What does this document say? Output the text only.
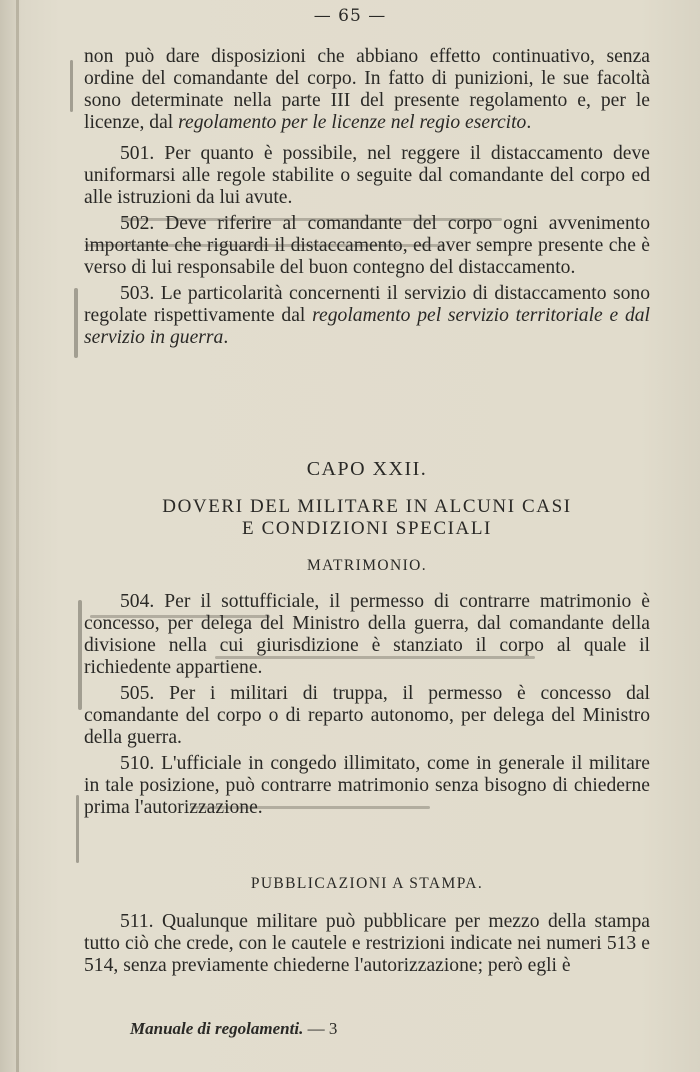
— 65 —

non può dare disposizioni che abbiano effetto continuativo, senza ordine del comandante del corpo. In fatto di punizioni, le sue facoltà sono determinate nella parte III del presente regolamento e, per le licenze, dal regolamento per le licenze nel regio esercito.

501. Per quanto è possibile, nel reggere il distaccamento deve uniformarsi alle regole stabilite o seguite dal comandante del corpo ed alle istruzioni da lui avute.

502. Deve riferire al comandante del corpo ogni avvenimento importante che riguardi il distaccamento, ed aver sempre presente che è verso di lui responsabile del buon contegno del distaccamento.

503. Le particolarità concernenti il servizio di distaccamento sono regolate rispettivamente dal regolamento pel servizio territoriale e dal servizio in guerra.

CAPO XXII.
DOVERI DEL MILITARE IN ALCUNI CASI
E CONDIZIONI SPECIALI
MATRIMONIO.

504. Per il sottufficiale, il permesso di contrarre matrimonio è concesso, per delega del Ministro della guerra, dal comandante della divisione nella cui giurisdizione è stanziato il corpo al quale il richiedente appartiene.

505. Per i militari di truppa, il permesso è concesso dal comandante del corpo o di reparto autonomo, per delega del Ministro della guerra.

510. L'ufficiale in congedo illimitato, come in generale il militare in tale posizione, può contrarre matrimonio senza bisogno di chiederne prima l'autorizzazione.

PUBBLICAZIONI A STAMPA.

511. Qualunque militare può pubblicare per mezzo della stampa tutto ciò che crede, con le cautele e restrizioni indicate nei numeri 513 e 514, senza previamente chiederne l'autorizzazione; però egli è

Manuale di regolamenti. — 3
